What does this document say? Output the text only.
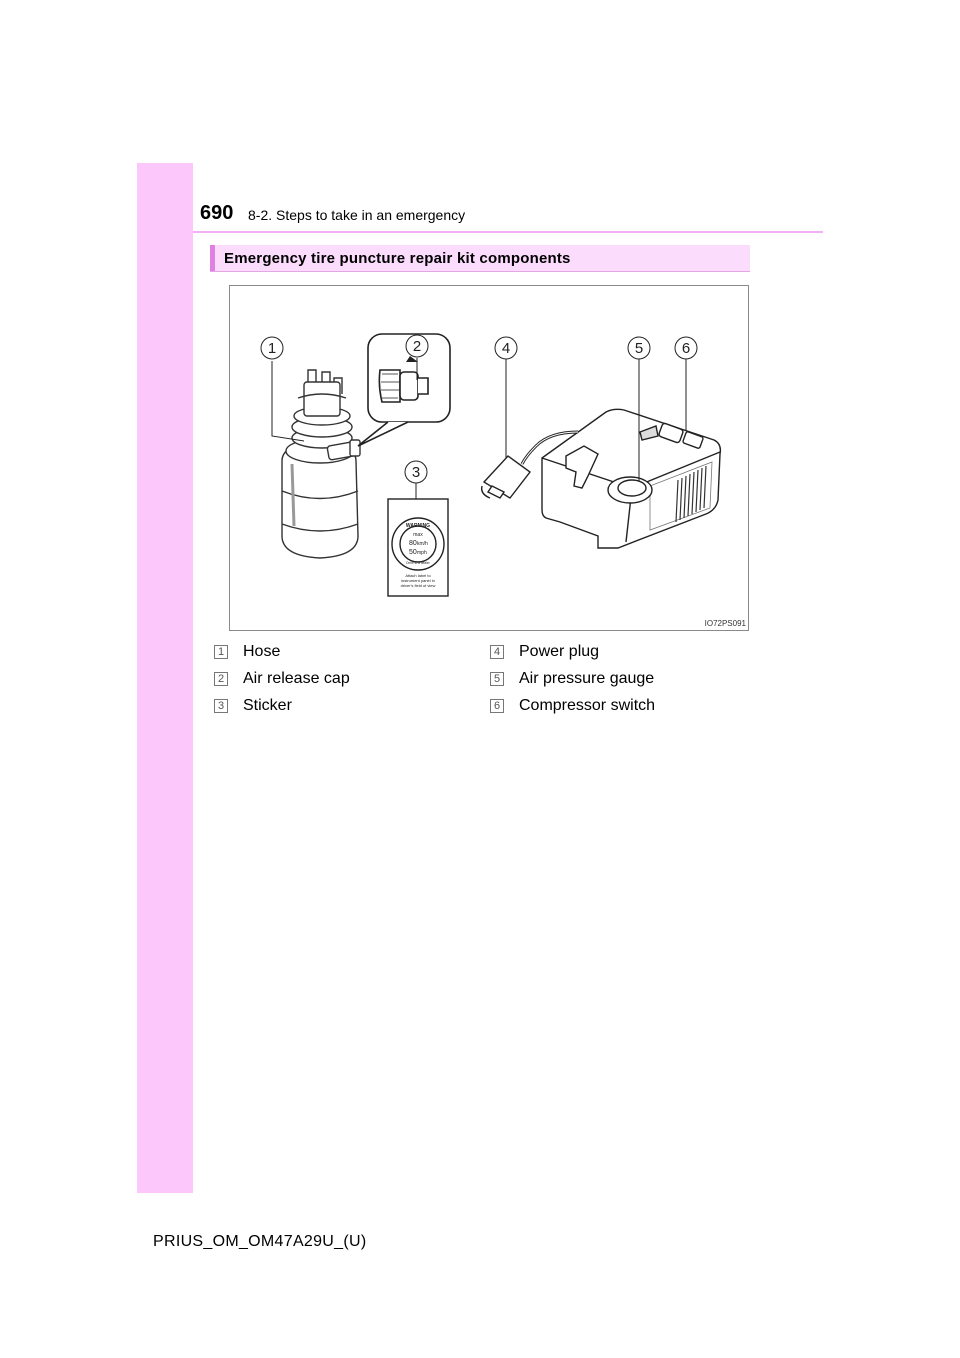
690 8-2. Steps to take in an emergency
Emergency tire puncture repair kit components
WARNING
max
80 km/h
50 mph
Drive to a dealer
Attach label to
instrument panel in
driver's field of view
1	2
3
4	5	6
IO72PS091
1 Hose
2 Air release cap
3 Sticker
4 Power plug
5 Air pressure gauge
6 Compressor switch
PRIUS_OM_OM47A29U_(U)
